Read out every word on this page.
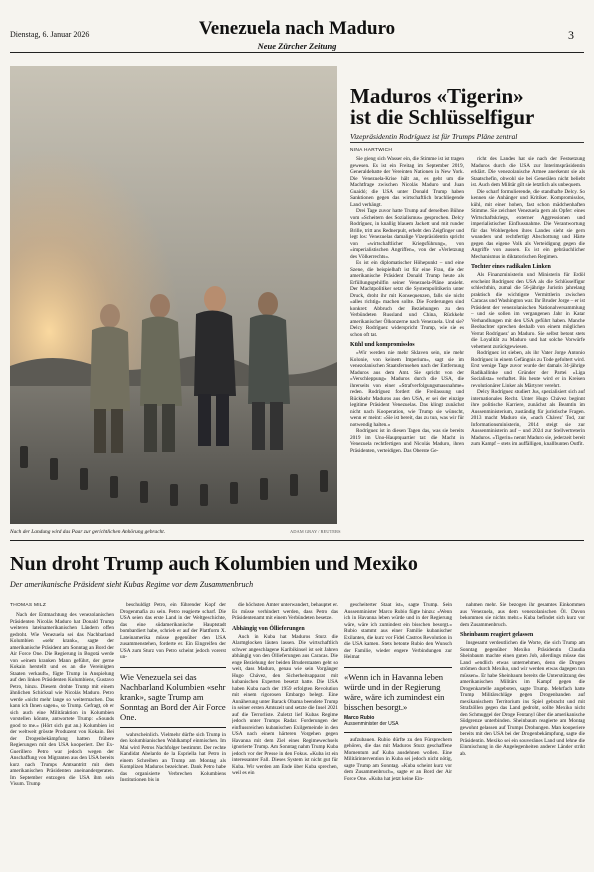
Dienstag, 6. Januar 2026	Venezuela nach Maduro
Neue Zürcher Zeitung
3
Nach der Landung wird das Paar zur gerichtlichen Anhörung gebracht.	ADAM GRAY / REUTERS
Maduros «Tigerin»
ist die Schlüsselfigur
Vizepräsidentin Rodríguez ist für Trumps Pläne zentral
NINA HARTWICH

Sie gieng sich Wasser ein, die Stimme ist ist tragen gewesen. Es ist ein Freitag im September 2019, Generaldebatte der Vereinten Nationen in New York. Die Venezuela-Krise hält an, es geht um die Machtfrage zwischen Nicolás Maduro und Juan Guaidó; die USA unter Donald Trump haben Sanktionen gegen das wirtschaftlich brachliegende Land verhängt.

Drei Tage zuvor hatte Trump auf derselben Bühne vom «Scheitern des Sozialismus» gesprochen. Delcy Rodríguez, in knallig blauem Jackett und mit runder Brille, tritt ans Rednerpult, erhebt den Zeigfinger und legt los: Venezuelas damalige Vizepräsidentin spricht von «wirtschaftlicher Kriegsführung», von «imperialistischen Angriffen», von der «Verletzung des Völkerrechts».

Es ist ein diplomatischer Höhepunkt – und eine Szene, die beispielhaft ist für eine Frau, die der amerikanische Präsident Donald Trump heute als Erfüllungsgehilfin seiner Venezuela-Pläne ansieht. Der Machtpolitiker setzt die Systempolitikerin unter Druck, droht ihr mit Konsequenzen, falls sie nicht «alles richtig» machen sollte. Die Forderungen sind konkret: Abbruch der Beziehungen zu den Verbündeten Russland und China, Rückkehr amerikanischer Ölkonzerne nach Venezuela. Und sie? Delcy Rodríguez widerspricht Trump, wie sie es schon oft tat.

Kühl und kompromisslos

«Wir werden nie mehr Sklaven sein, nie mehr Kolonie, von keinem Imperium», sagt sie im venezolanischen Staatsfernsehen nach der Entfernung Maduros aus dem Amt. Sie spricht von der «Verschleppung» Maduros durch die USA, die ihrerseits von einer «Strafverfolgungsmassnahme» reden. Rodríguez fordert die Freilassung und Rückkehr Maduros aus den USA, er sei der einzige legitime Präsident Venezuelas. Das klingt zunächst nicht nach Kooperation, wie Trump sie wünscht, wenn er meint: «Sie ist bereit, das zu tun, was wir für notwendig halten.»

Rodríguez ist in diesen Tagen das, was sie bereits 2019 im Uno-Hauptquartier tat: die Macht in Venezuela rechtfertigen und Nicolás Maduro, ihren Präsidenten, verteidigen. Das Oberste Ge-

richt des Landes hat sie nach der Festsetzung Maduros durch die USA zur Interimspräsidentin erklärt. Die venezolanische Armee anerkennt sie als Staatschefin, obwohl sie bei Generälen nicht beliebt ist. Auch dem Militär gilt sie letztlich als unbequem.

Die scharf formulierende, die standhafte Delcy. So kennen sie Anhänger und Kritiker. Kompromisslos, kühl, mit einer hohen, fast schon mädchenhaften Stimme. Sie zeichnet Venezuela gern als Opfer: eines Wirtschaftskriegs, externer Aggressionen und imperialistischer Einflussnahme. Die Verantwortung für das Wohlergehen ihres Landes sieht sie gern woanders und rechtfertigt Abschottung und Härte gegen das eigene Volk als Verteidigung gegen die Angriffe von aussen. Es ist ein gebräuchlicher Mechanismus in diktatorischen Regimen.

Tochter eines radikalen Linken

Als Finanzministerin und Ministerin für Erdöl erscheint Rodríguez den USA als die Schlüsselfigur schlechthin, zumal die 56-jährige Juristin jahrelang praktisch die wichtigste Vermittlerin zwischen Caracas und Washington war. Ihr Bruder Jorge – er ist Präsident der venezolanischen Nationalversammlung – und sie sollen im vergangenen Jahr in Katar Verhandlungen mit den USA geführt haben. Manche Beobachter sprechen deshalb von einem möglichen Verrat Rodríguez' an Maduro. Sie selbst betont stets die Loyalität zu Maduro und hat solche Vorwürfe vehement zurückgewiesen.

Rodríguez ist sieben, als ihr Vater Jorge Antonio Rodríguez in einem Gefängnis zu Tode gefoltert wird. Erst wenige Tage zuvor wurde der damals 34-jährige Radikallinke und Gründer der Partei «Liga Socialista» verhaftet. Bis heute wird er in Kreisen revolutionärer Linker als Märtyrer verehrt.

Delcy Rodríguez studiert Jus, spezialisiert sich auf internationales Recht. Unter Hugo Chávez beginnt ihre politische Karriere, zunächst als Beamtin im Aussenministerium, zuständig für juristische Fragen. 2013 macht Maduro sie, «nach Chávez' Tod, zur Informationsministerin, 2014 steigt sie zur Aussenministerin auf – und 2024 zur Stellvertreterin Maduros. «Tigerin» nennt Maduro sie, jederzeit bereit zum Kampf – stets im auffälligen, knallbunten Outfit.

Nun droht Trump auch Kolumbien und Mexiko
Der amerikanische Präsident sieht Kubas Regime vor dem Zusammenbruch
THOMAS MILZ

Nach der Entmachtung des venezolanischen Präsidenten Nicolás Maduro hat Donald Trump weiteren lateinamerikanischen Ländern offen gedroht. Wie Venezuela sei das Nachbarland Kolumbien «sehr krank», sagte der amerikanische Präsident am Sonntag an Bord der Air Force One. Die Regierung in Bogotá werde von «einem kranken Mann geführt, der gerne Kokain herstellt und es an die Vereinigten Staaten verkauft», fügte Trump in Anspielung auf den linken Präsidenten Kolumbiens, Gustavo Petro, hinzu. Diesem drohte Trump mit einem ähnlichen Schicksal wie Nicolás Maduro. Petro werde «nicht mehr lange so weitermachen. Das kann ich Ihnen sagen», so Trump. Gefragt, ob er sich auch eine Militäraktion in Kolumbien vorstellen könnte, antwortete Trump: «Sounds good to me.» (Hört sich gut an.) Kolumbien ist der weltweit grösste Produzent von Kokain. Bei der Drogenbekämpfung hatten frühere Regierungen mit den USA kooperiert. Der Ex-Guerillero Petro war jedoch wegen der Anschaffung von Migranten aus den USA bereits kurz nach Trumps Amtsantritt mit dem amerikanischen Präsidenten aneinandergeraten. Im September entzogen die USA ihm sein Visum. Trump

beschuldigt Petro, ein führender Kopf der Drogenmafia zu sein. Petro reagierte scharf. Die USA seien das erste Land in der Weltgeschichte, das eine südamerikanische Hauptstadt bombardiert habe, schrieb er auf der Plattform X. Lateinamerika müsse gegenüber den USA zusammenstehen, forderte er. Ein Eingreifen der USA zum Sturz von Petro scheint jedoch vorerst un-

Wie Venezuela sei das Nachbarland Kolumbien «sehr krank», sagte Trump am Sonntag an Bord der Air Force One.

wahrscheinlich. Vielmehr dürfte sich Trump in den kolumbianischen Wahlkampf einmischen. Im Mai wird Petros Nachfolger bestimmt. Der rechte Kandidat Abelardo de la Espriella hat Petro in einem Schreiben an Trump am Montag als Komplizen Maduros bezeichnet. Dank Petro habe das organisierte Verbrechen Kolumbiens Institutionen bis in

die höchsten Ämter unterwandert, behauptet er. Es müsse verhindert werden, dass Petro das Präsidentenamt mit einem Verbündeten besetze.

Abhängig von Öllieferungen

Auch in Kuba hat Maduros Sturz die Alarmglocken läuten lassen. Die wirtschaftlich schwer angeschlagene Karibikinsel ist seit Jahren abhängig von den Öllieferungen aus Caracas. Die enge Beziehung der beiden Bruderstaaten geht so weit, dass Maduro, genau wie sein Vorgänger Hugo Chávez, den Sicherheitsapparat mit kubanischen Experten besetzt hatte. Die USA haben Kuba nach der 1959 erfolgten Revolution mit einem rigorosen Embargo belegt. Eine Annäherung unter Barack Obama beendete Trump in seiner ersten Amtszeit und setzte die Insel 2021 auf die Terrorliste. Zuletzt lief Kubas Regime jedoch unter Trumps Radar. Forderungen der einflussreichen kubanischen Exilgemeinde in den USA nach einem härteren Vorgehen gegen Havanna mit dem Ziel eines Regimewechsels ignorierte Trump. Am Sonntag nahm Trump Kuba jedoch vor der Presse in den Fokus. «Kuba ist ein interessanter Fall. Dieses System ist nicht gut für Kuba. Wir werden am Ende über Kuba sprechen, weil es ein

gescheiterter Staat ist», sagte Trump. Sein Aussenminister Marco Rubio fügte hinzu: «Wenn ich in Havanna leben würde und in der Regierung wäre, wäre ich zumindest ein bisschen besorgt.» Rubio stammt aus einer Familie kubanischer Exilanten, die kurz vor Fidel Castros Revolution in die USA kamen. Stets betonte Rubio den Wunsch der Familie, wieder engere Verbindungen zur Heimat

«Wenn ich in Havanna leben würde und in der Regierung wäre, wäre ich zumindest ein bisschen besorgt.»
Marco Rubio
Aussenminister der USA

aufzubauen. Rubio dürfte zu den Fürsprechern gehören, die das mit Maduros Sturz geschaffene Momentum auf Kuba ausdehnen wollen. Eine Militärintervention in Kuba sei jedoch nicht nötig, sagte Trump am Sonntag. «Kuba scheint kurz vor dem Zusammenbruch», sagte er an Bord der Air Force One. «Kuba hat jetzt keine Ein-

nahmen mehr. Sie bezogen ihr gesamtes Einkommen aus Venezuela, aus dem venezolanischen Öl. Davon bekommen sie nichts mehr.» Kuba befindet sich kurz vor dem Zusammenbruch.

Sheinbaum reagiert gelassen

Insgesamt verdeutlichen die Worte, die sich Trump am Sonntag gegenüber Mexiko Präsidentin Claudia Sheinbaum machte einen guten Job, allerdings müsse das Land «endlich etwas unternehmen, denn die Drogen strömen durch Mexiko, und wir werden etwas dagegen tun müssen». Er habe Sheinbaum bereits die Unterstützung des amerikanischen Militärs im Kampf gegen die Drogenkartelle angeboten, sagte Trump. Mehrfach hatte Trump Militärschläge gegen Drogenbanden auf mexikanischem Territorium ins Spiel gebracht und mit Strafzöllen gegen das Land gedroht, sollte Mexiko nicht den Schmuggel der Droge Fentanyl über die amerikanische Südgrenze unterbinden. Sheinbaum reagierte am Montag gewohnt gelassen auf Trumps Drohungen. Man kooperiere bereits mit den USA bei der Drogenbekämpfung, sagte die Präsidentin. Mexiko sei ein souveränes Land und lehne die Einmischung in die Angelegenheiten anderer Länder strikt ab.
